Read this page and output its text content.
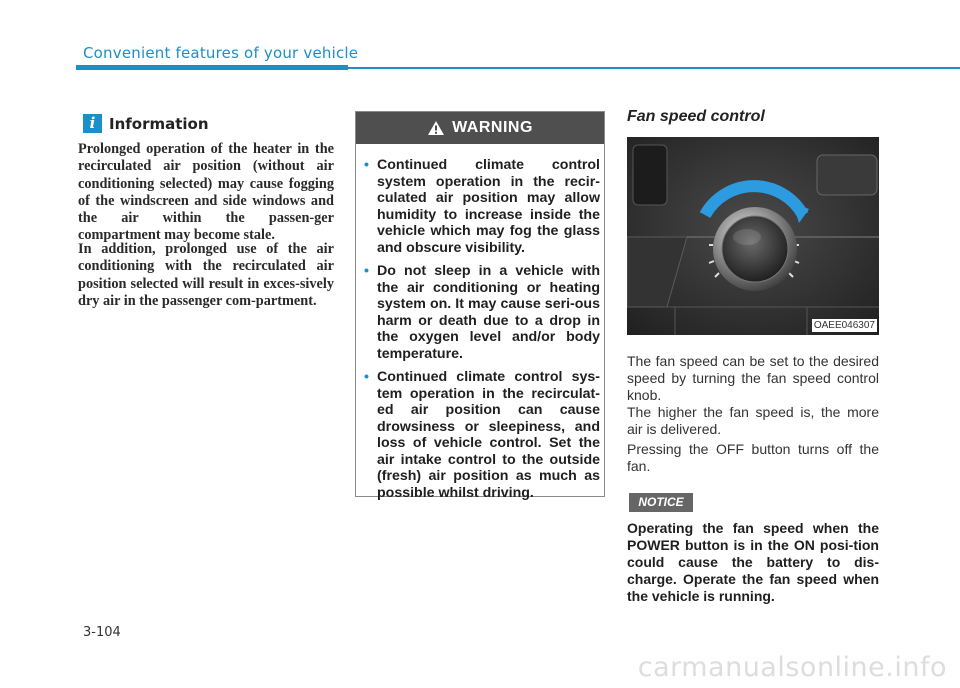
Convenient features of your vehicle
i Information

Prolonged operation of the heater in the recirculated air position (without air conditioning selected) may cause fogging of the windscreen and side windows and the air within the passen-ger compartment may become stale.

In addition, prolonged use of the air conditioning with the recirculated air position selected will result in exces-sively dry air in the passenger com-partment.

WARNING
• Continued climate control system operation in the recir-culated air position may allow humidity to increase inside the vehicle which may fog the glass and obscure visibility.
• Do not sleep in a vehicle with the air conditioning or heating system on. It may cause seri-ous harm or death due to a drop in the oxygen level and/or body temperature.
• Continued climate control sys-tem operation in the recirculat-ed air position can cause drowsiness or sleepiness, and loss of vehicle control. Set the air intake control to the outside (fresh) air position as much as possible whilst driving.
Fan speed control
OAEE046307

The fan speed can be set to the desired speed by turning the fan speed control knob.

The higher the fan speed is, the more air is delivered.

Pressing the OFF button turns off the fan.

NOTICE

Operating the fan speed when the POWER button is in the ON posi-tion could cause the battery to dis-charge. Operate the fan speed when the vehicle is running.

3-104

carmanualsonline.info
